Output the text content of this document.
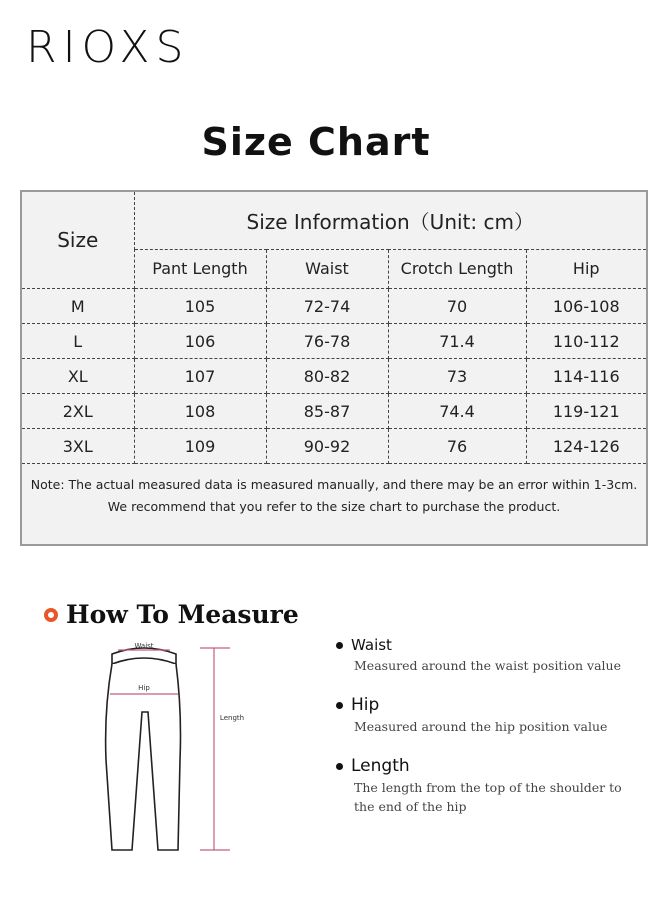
RIOXS
Size Chart
Size	Size Information（Unit: cm）			
	Pant Length	Waist	Crotch Length	Hip
M	105	72-74	70	106-108
L	106	76-78	71.4	110-112
XL	107	80-82	73	114-116
2XL	108	85-87	74.4	119-121
3XL	109	90-92	76	124-126
Note: The actual measured data is measured manually, and there may be an error within 1-3cm.
We recommend that you refer to the size chart to purchase the product.
How To Measure
Waist
Hip
Length
Waist
Measured around the waist position value
Hip
Measured around the hip position value
Length
The length from the top of the shoulder to the end of the hip
